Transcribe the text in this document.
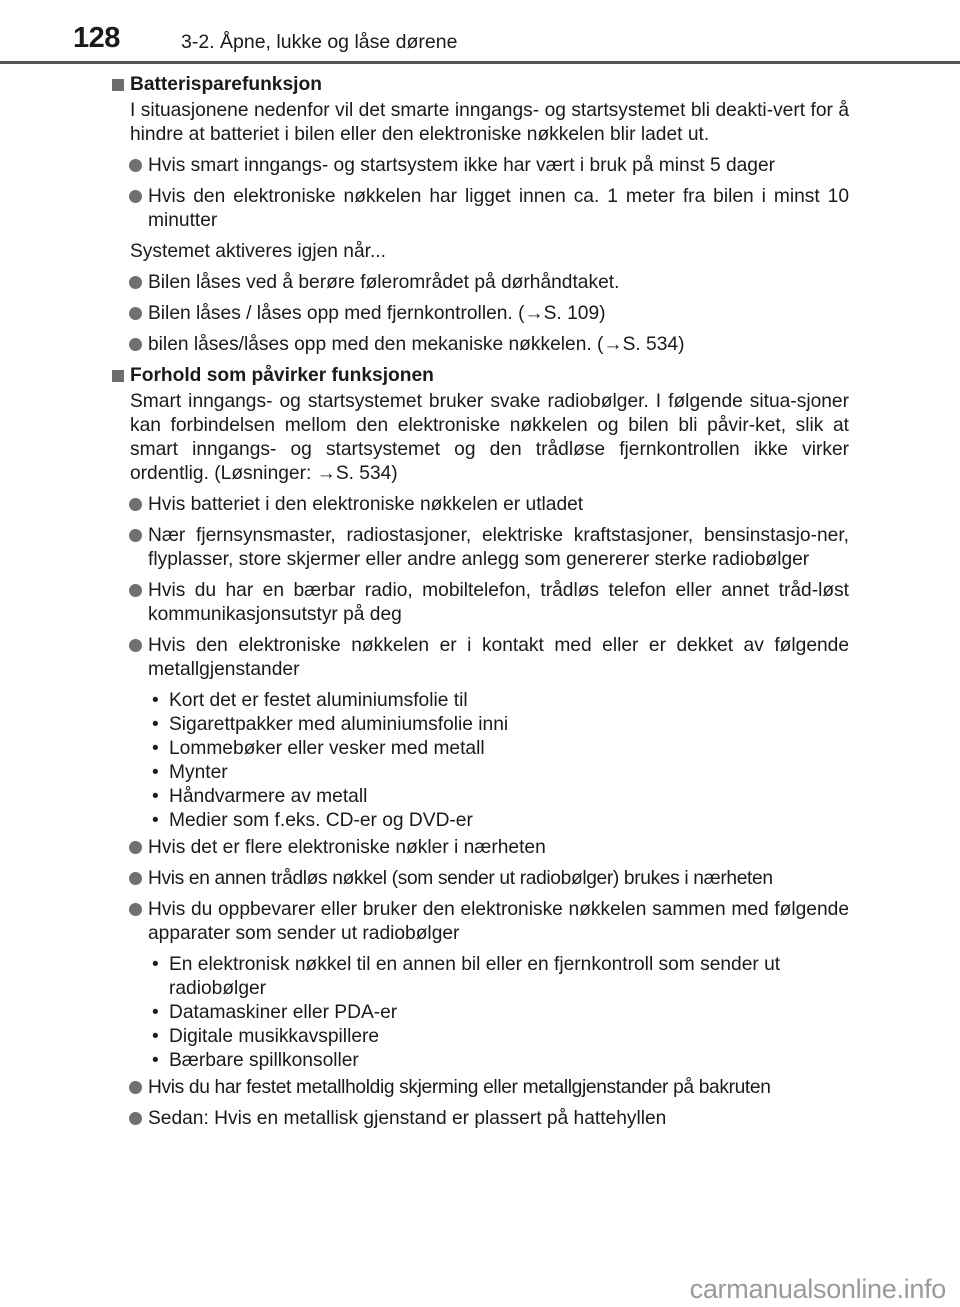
128	3-2. Åpne, lukke og låse dørene
Batterisparefunksjon
I situasjonene nedenfor vil det smarte inngangs- og startsystemet bli deakti-vert for å hindre at batteriet i bilen eller den elektroniske nøkkelen blir ladet ut.
Hvis smart inngangs- og startsystem ikke har vært i bruk på minst 5 dager
Hvis den elektroniske nøkkelen har ligget innen ca. 1 meter fra bilen i minst 10 minutter
Systemet aktiveres igjen når...
Bilen låses ved å berøre følerområdet på dørhåndtaket.
Bilen låses / låses opp med fjernkontrollen. (→S. 109)
bilen låses/låses opp med den mekaniske nøkkelen. (→S. 534)
Forhold som påvirker funksjonen
Smart inngangs- og startsystemet bruker svake radiobølger. I følgende situa-sjoner kan forbindelsen mellom den elektroniske nøkkelen og bilen bli påvir-ket, slik at smart inngangs- og startsystemet og den trådløse fjernkontrollen ikke virker ordentlig. (Løsninger: →S. 534)
Hvis batteriet i den elektroniske nøkkelen er utladet
Nær fjernsynsmaster, radiostasjoner, elektriske kraftstasjoner, bensinstasjo-ner, flyplasser, store skjermer eller andre anlegg som genererer sterke radiobølger
Hvis du har en bærbar radio, mobiltelefon, trådløs telefon eller annet tråd-løst kommunikasjonsutstyr på deg
Hvis den elektroniske nøkkelen er i kontakt med eller er dekket av følgende metallgjenstander
• Kort det er festet aluminiumsfolie til
• Sigarettpakker med aluminiumsfolie inni
• Lommebøker eller vesker med metall
• Mynter
• Håndvarmere av metall
• Medier som f.eks. CD-er og DVD-er
Hvis det er flere elektroniske nøkler i nærheten
Hvis en annen trådløs nøkkel (som sender ut radiobølger) brukes i nærheten
Hvis du oppbevarer eller bruker den elektroniske nøkkelen sammen med følgende apparater som sender ut radiobølger
• En elektronisk nøkkel til en annen bil eller en fjernkontroll som sender ut radiobølger
• Datamaskiner eller PDA-er
• Digitale musikkavspillere
• Bærbare spillkonsoller
Hvis du har festet metallholdig skjerming eller metallgjenstander på bakruten
Sedan: Hvis en metallisk gjenstand er plassert på hattehyllen
carmanualsonline.info
